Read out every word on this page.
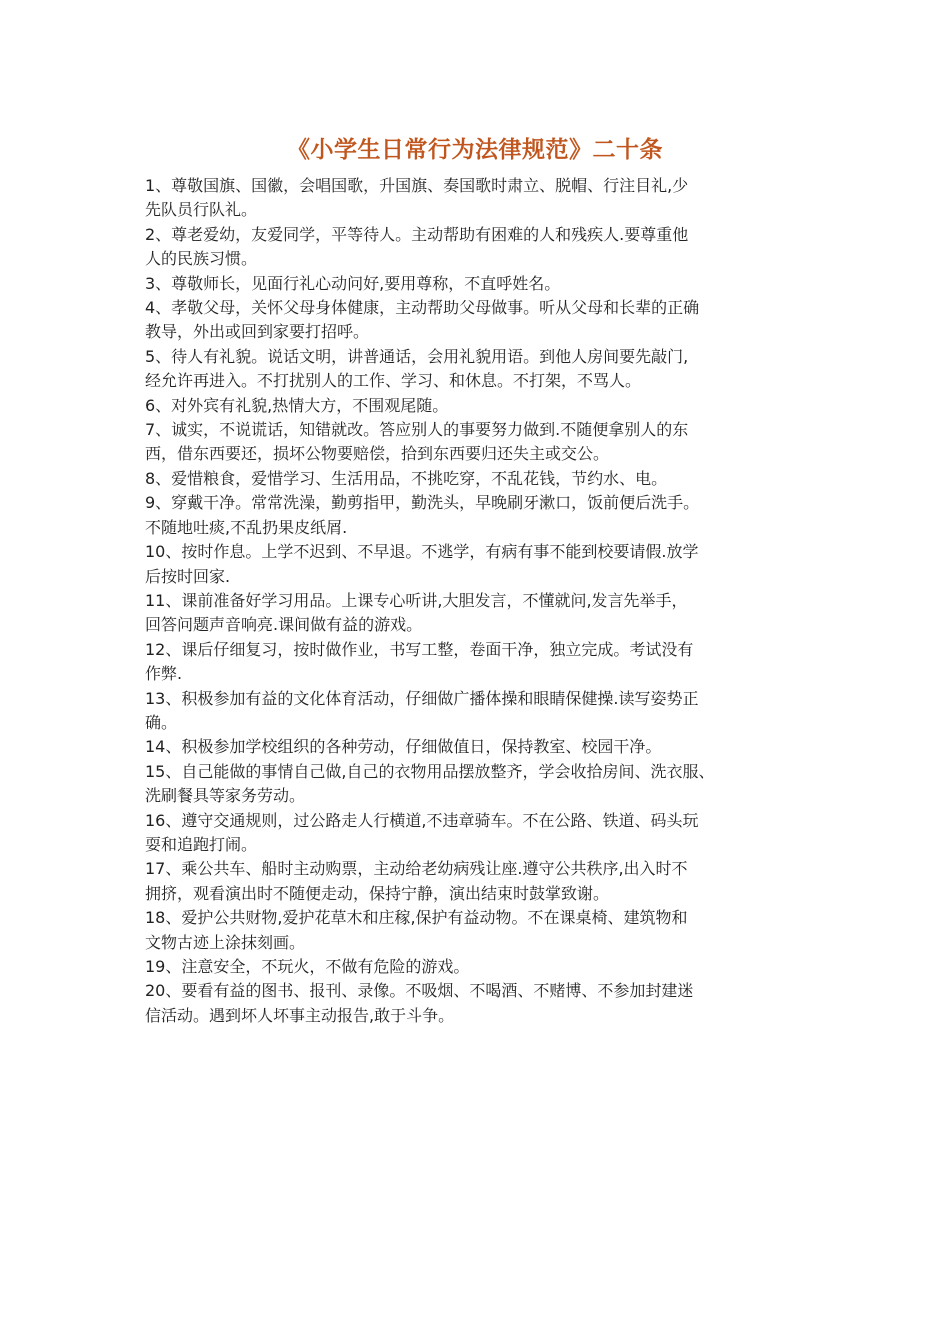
《小学生日常行为法律规范》二十条

1、尊敬国旗、国徽，会唱国歌，升国旗、奏国歌时肃立、脱帽、行注目礼,少
先队员行队礼。

2、尊老爱幼，友爱同学，平等待人。主动帮助有困难的人和残疾人.要尊重他
人的民族习惯。

3、尊敬师长，见面行礼心动问好,要用尊称，不直呼姓名。

4、孝敬父母，关怀父母身体健康，主动帮助父母做事。听从父母和长辈的正确
教导，外出或回到家要打招呼。

5、待人有礼貌。说话文明，讲普通话，会用礼貌用语。到他人房间要先敲门,
经允许再进入。不打扰别人的工作、学习、和休息。不打架，不骂人。

6、对外宾有礼貌,热情大方，不围观尾随。

7、诚实，不说谎话，知错就改。答应别人的事要努力做到.不随便拿别人的东
西，借东西要还，损坏公物要赔偿，拾到东西要归还失主或交公。

8、爱惜粮食，爱惜学习、生活用品，不挑吃穿，不乱花钱，节约水、电。

9、穿戴干净。常常洗澡，勤剪指甲，勤洗头，早晚刷牙漱口，饭前便后洗手。
不随地吐痰,不乱扔果皮纸屑.

10、按时作息。上学不迟到、不早退。不逃学，有病有事不能到校要请假.放学
后按时回家.

11、课前准备好学习用品。上课专心听讲,大胆发言，不懂就问,发言先举手，
回答问题声音响亮.课间做有益的游戏。

12、课后仔细复习，按时做作业，书写工整，卷面干净，独立完成。考试没有
作弊.

13、积极参加有益的文化体育活动，仔细做广播体操和眼睛保健操.读写姿势正
确。

14、积极参加学校组织的各种劳动，仔细做值日，保持教室、校园干净。

15、自己能做的事情自己做,自己的衣物用品摆放整齐，学会收拾房间、洗衣服、
洗刷餐具等家务劳动。

16、遵守交通规则，过公路走人行横道,不违章骑车。不在公路、铁道、码头玩
耍和追跑打闹。

17、乘公共车、船时主动购票，主动给老幼病残让座.遵守公共秩序,出入时不
拥挤，观看演出时不随便走动，保持宁静，演出结束时鼓掌致谢。

18、爱护公共财物,爱护花草木和庄稼,保护有益动物。不在课桌椅、建筑物和
文物古迹上涂抹刻画。

19、注意安全，不玩火，不做有危险的游戏。

20、要看有益的图书、报刊、录像。不吸烟、不喝酒、不赌博、不参加封建迷
信活动。遇到坏人坏事主动报告,敢于斗争。
